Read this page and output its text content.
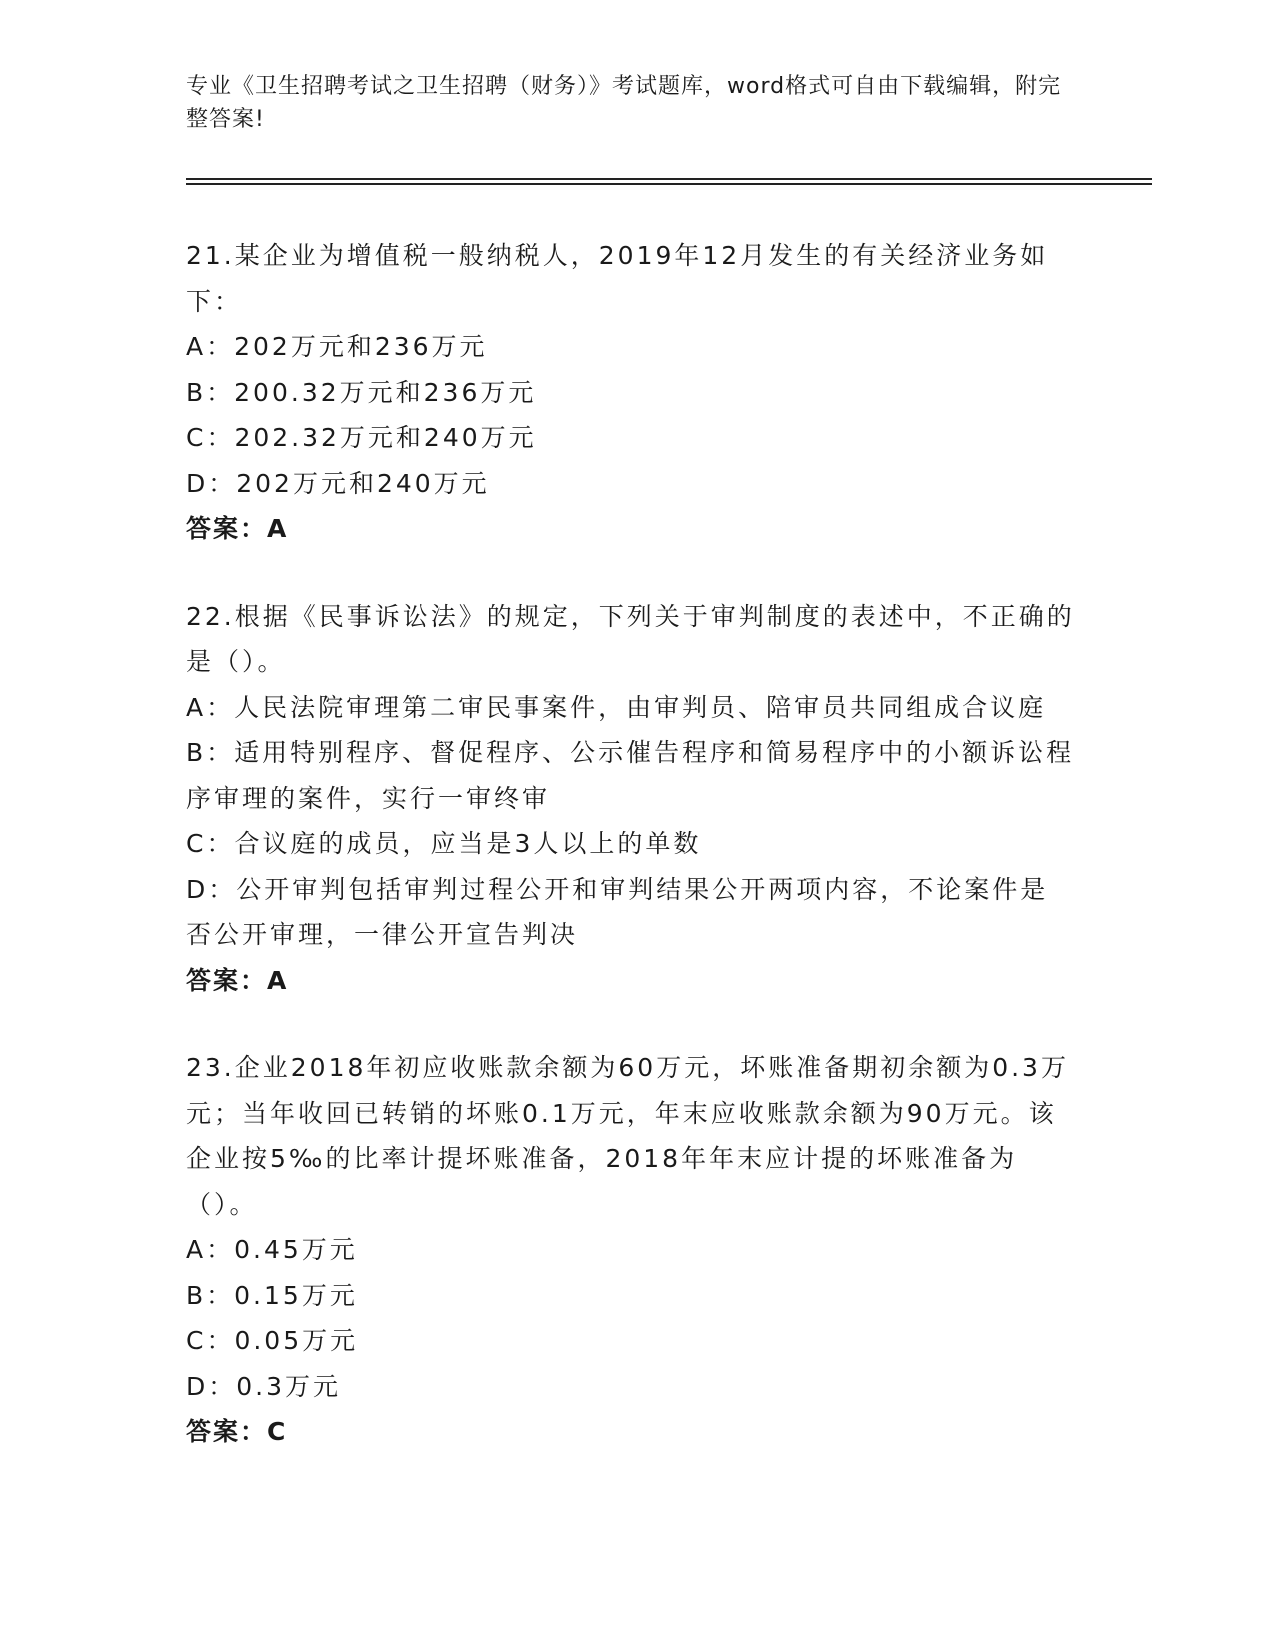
专业《卫生招聘考试之卫生招聘（财务）》考试题库，word格式可自由下载编辑，附完整答案!
21.某企业为增值税一般纳税人，2019年12月发生的有关经济业务如下：
A：202万元和236万元
B：200.32万元和236万元
C：202.32万元和240万元
D：202万元和240万元
答案：A
22.根据《民事诉讼法》的规定，下列关于审判制度的表述中，不正确的是（）。
A：人民法院审理第二审民事案件，由审判员、陪审员共同组成合议庭
B：适用特别程序、督促程序、公示催告程序和简易程序中的小额诉讼程序审理的案件，实行一审终审
C：合议庭的成员，应当是3人以上的单数
D：公开审判包括审判过程公开和审判结果公开两项内容，不论案件是否公开审理，一律公开宣告判决
答案：A
23.企业2018年初应收账款余额为60万元，坏账准备期初余额为0.3万元；当年收回已转销的坏账0.1万元，年末应收账款余额为90万元。该企业按5‰的比率计提坏账准备，2018年年末应计提的坏账准备为（）。
A：0.45万元
B：0.15万元
C：0.05万元
D：0.3万元
答案：C
